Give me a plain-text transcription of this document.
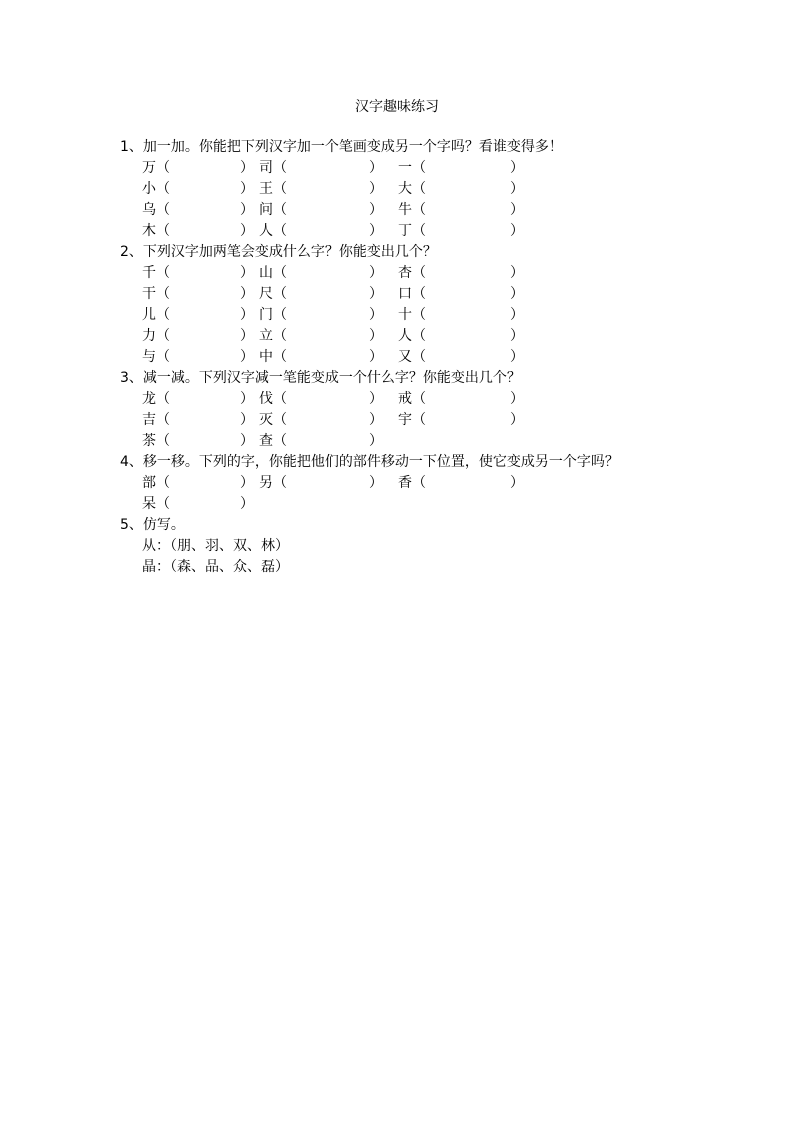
汉字趣味练习
1、加一加。你能把下列汉字加一个笔画变成另一个字吗？看谁变得多！
万（	） 司（	） 一（	）
小（	） 王（	） 大（	）
乌（	） 问（	） 牛（	）
木（	） 人（	） 丁（	）
2、下列汉字加两笔会变成什么字？你能变出几个？
千（	） 山（	） 杏（	）
干（	） 尺（	） 口（	）
儿（	） 门（	） 十（	）
力（	） 立（	） 人（	）
与（	） 中（	） 又（	）
3、减一减。下列汉字减一笔能变成一个什么字？你能变出几个？
龙（	） 伐（	） 戒（	）
吉（	） 灭（	） 宇（	）
茶（	） 查（	）
4、移一移。下列的字，你能把他们的部件移动一下位置，使它变成另一个字吗？
部（	） 另（	） 香（	）
呆（	）
5、仿写。
从：（朋、羽、双、林）
晶：（森、品、众、磊）
